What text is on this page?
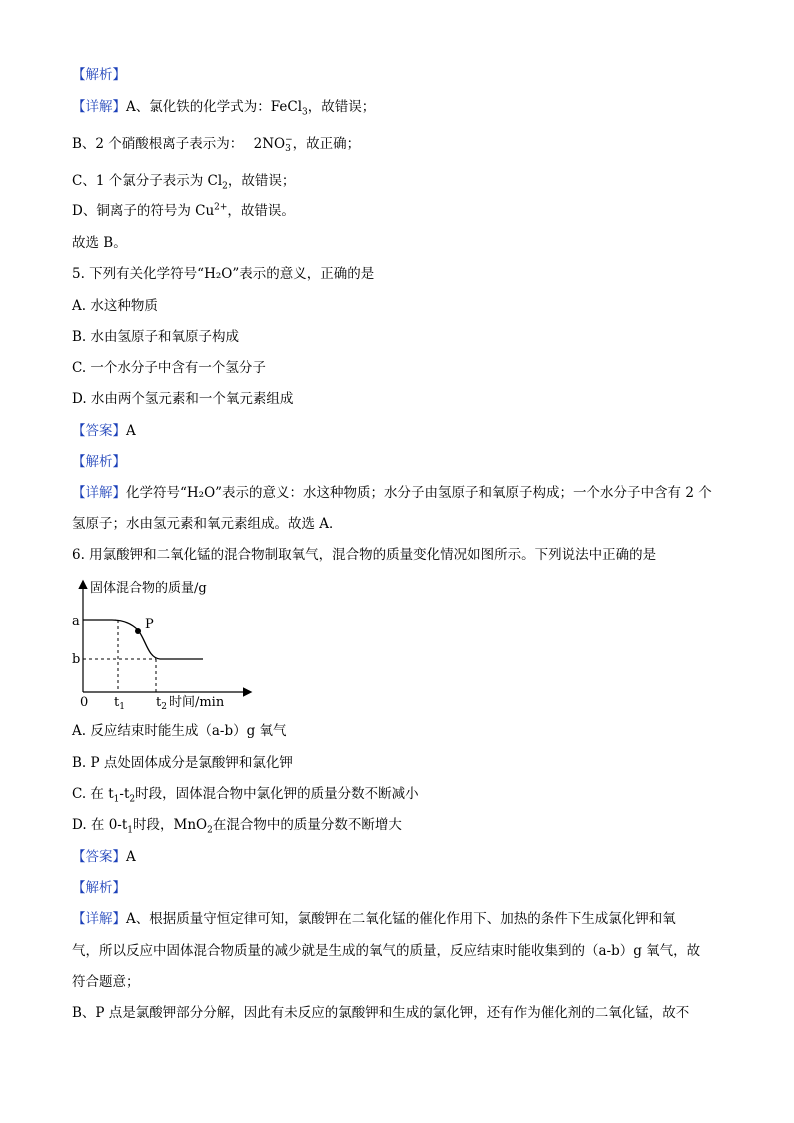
【解析】
【详解】A、氯化铁的化学式为：FeCl$_3$，故错误；
B、2 个硝酸根离子表示为： 2NO −
3 ，故正确；
C、1 个氯分子表示为 $Cl_2$，故错误；
D、铜离子的符号为 $Cu^{2+}$，故错误。
故选 B。
5. 下列有关化学符号“H₂O”表示的意义，正确的是
A. 水这种物质
B. 水由氢原子和氧原子构成
C. 一个水分子中含有一个氢分子
D. 水由两个氢元素和一个氧元素组成
【答案】A
【解析】
【详解】化学符号“H₂O”表示的意义：水这种物质；水分子由氢原子和氧原子构成；一个水分子中含有 2 个
氢原子；水由氢元素和氧元素组成。故选 A．
6. 用氯酸钾和二氧化锰的混合物制取氧气，混合物的质量变化情况如图所示。下列说法中正确的是
P
固体混合物的质量/g
a
b
0 $t_1$ $t_2$ 时间/min
A. 反应结束时能生成（a-b）g 氧气
B. P 点处固体成分是氯酸钾和氯化钾
C. 在 $t_1-t_2$时段，固体混合物中氯化钾的质量分数不断减小
D. 在 $0-t_1$时段，MnO$_2$在混合物中的质量分数不断增大
【答案】A
【解析】
【详解】A、根据质量守恒定律可知，氯酸钾在二氧化锰的催化作用下、加热的条件下生成氯化钾和氧
气，所以反应中固体混合物质量的减少就是生成的氧气的质量，反应结束时能收集到的（a-b）g 氧气，故
符合题意；
B、P 点是氯酸钾部分分解，因此有未反应的氯酸钾和生成的氯化钾，还有作为催化剂的二氧化锰，故不
